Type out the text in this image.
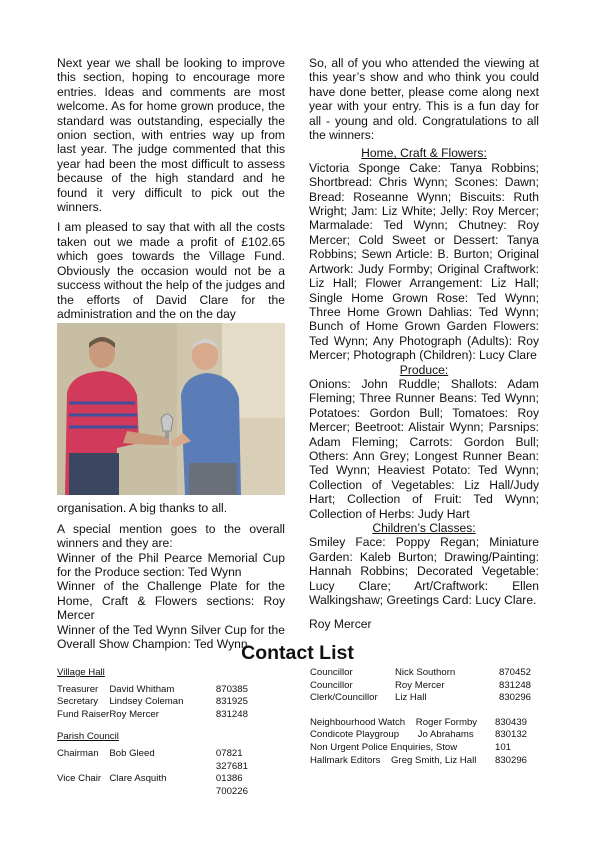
Next year we shall be looking to improve this section, hoping to encourage more entries. Ideas and comments are most welcome. As for home grown produce, the standard was outstanding, especially the onion section, with entries way up from last year. The judge commented that this year had been the most difficult to assess because of the high standard and he found it very difficult to pick out the winners.

I am pleased to say that with all the costs taken out we made a profit of £102.65 which goes towards the Village Fund. Obviously the occasion would not be a success without the help of the judges and the efforts of David Clare for the administration and the on the day

organisation. A big thanks to all.

A special mention goes to the overall winners and they are:

Winner of the Phil Pearce Memorial Cup for the Produce section: Ted Wynn

Winner of the Challenge Plate for the Home, Craft & Flowers sections: Roy Mercer

Winner of the Ted Wynn Silver Cup for the Overall Show Champion: Ted Wynn

So, all of you who attended the viewing at this year’s show and who think you could have done better, please come along next year with your entry. This is a fun day for all - young and old. Congratulations to all the winners:

Home, Craft & Flowers:
Victoria Sponge Cake: Tanya Robbins; Shortbread: Chris Wynn; Scones: Dawn; Bread: Roseanne Wynn; Biscuits: Ruth Wright; Jam: Liz White; Jelly: Roy Mercer; Marmalade: Ted Wynn; Chutney: Roy Mercer; Cold Sweet or Dessert: Tanya Robbins; Sewn Article: B. Burton; Original Artwork: Judy Formby; Original Craftwork: Liz Hall; Flower Arrangement: Liz Hall; Single Home Grown Rose: Ted Wynn; Three Home Grown Dahlias: Ted Wynn; Bunch of Home Grown Garden Flowers: Ted Wynn; Any Photograph (Adults): Roy Mercer; Photograph (Children): Lucy Clare
Produce:
Onions: John Ruddle; Shallots: Adam Fleming; Three Runner Beans: Ted Wynn; Potatoes: Gordon Bull; Tomatoes: Roy Mercer; Beetroot: Alistair Wynn; Parsnips: Adam Fleming; Carrots: Gordon Bull; Others: Ann Grey; Longest Runner Bean: Ted Wynn; Heaviest Potato: Ted Wynn; Collection of Vegetables: Liz Hall/Judy Hart; Collection of Fruit: Ted Wynn; Collection of Herbs: Judy Hart
Children’s Classes:
Smiley Face: Poppy Regan; Miniature Garden: Kaleb Burton; Drawing/Painting: Hannah Robbins; Decorated Vegetable: Lucy Clare; Art/Craftwork: Ellen Walkingshaw; Greetings Card: Lucy Clare.
Roy Mercer
Contact List
Village Hall
Treasurer	David Whitham	870385
Secretary	Lindsey Coleman	831925
Fund Raiser Roy Mercer	831248
Parish Council
Chairman	Bob Gleed	07821 327681
Vice Chair Clare Asquith	01386 700226
Councillor	Nick Southorn	870452
Councillor	Roy Mercer	831248
Clerk/Councillor	Liz Hall	830296
Neighbourhood Watch    Roger Formby	830439
Condicote Playgroup       Jo Abrahams	830132
Non Urgent Police Enquiries, Stow	101
Hallmark Editors    Greg Smith, Liz Hall	830296
